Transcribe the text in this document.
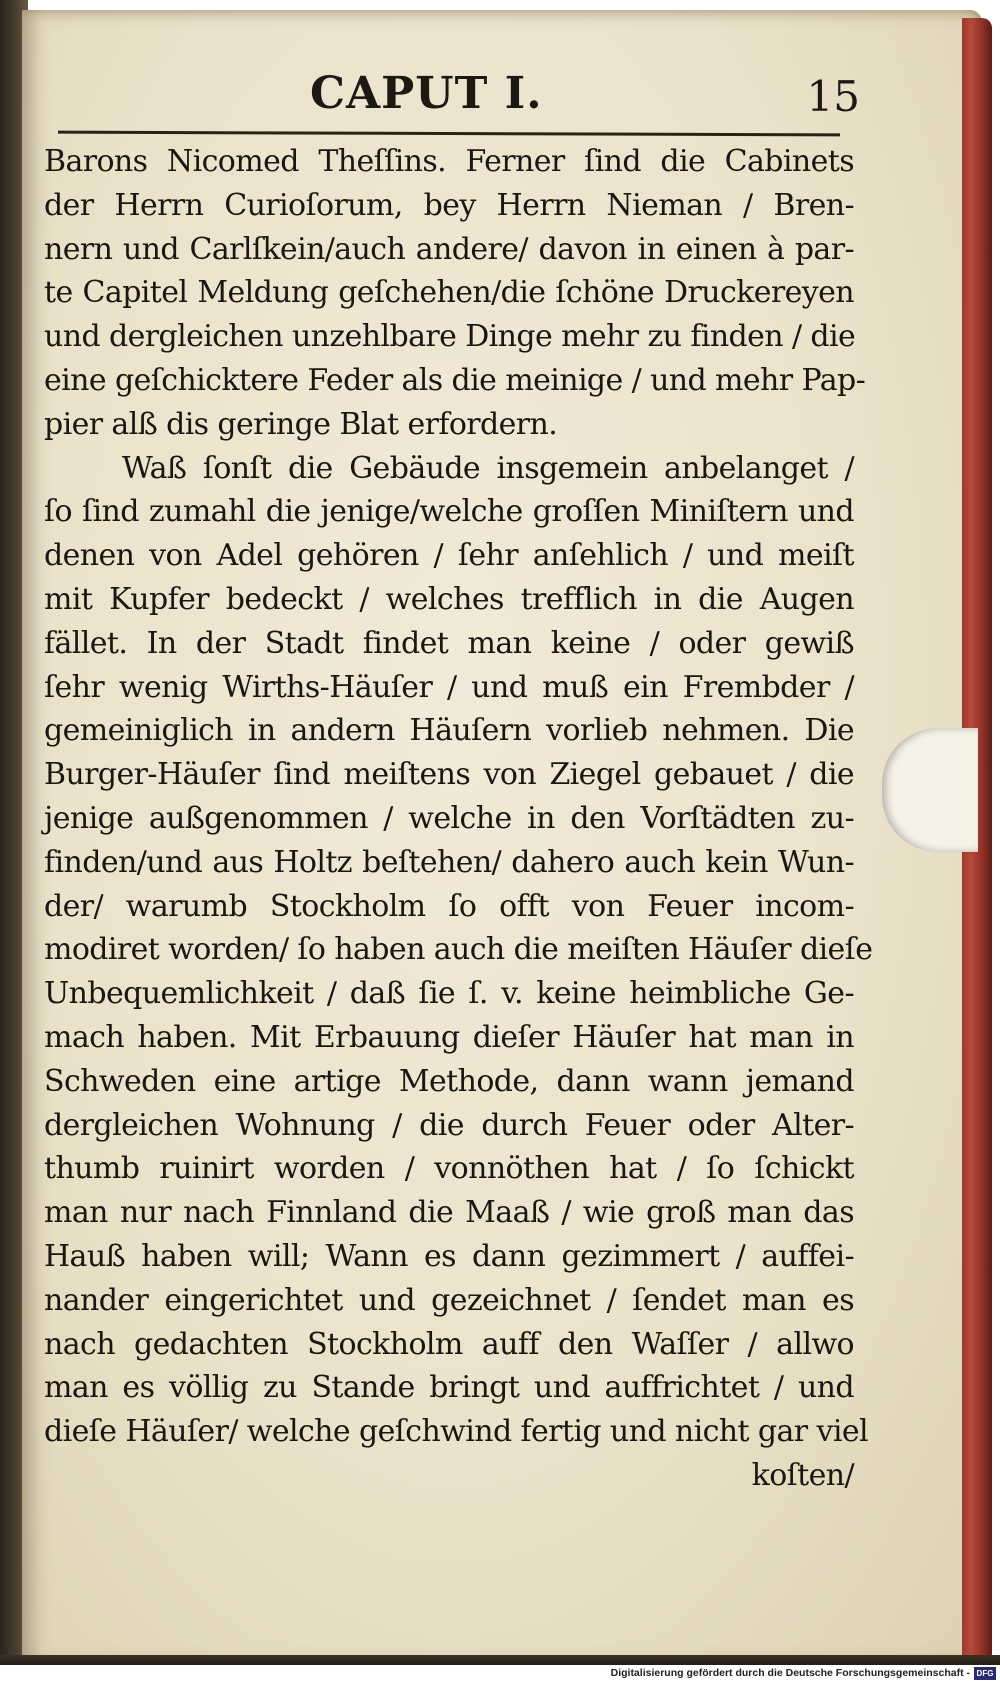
CAPUT I.	15
Barons Nicomed Theſſins. Ferner ſind die Cabinets
der Herrn Curioſorum, bey Herrn Nieman / Bren-
nern und Carlſkein/auch andere/ davon in einen à par-
te Capitel Meldung geſchehen/die ſchöne Druckereyen
und dergleichen unzehlbare Dinge mehr zu finden / die
eine geſchicktere Feder als die meinige / und mehr Pap-
pier alß dis geringe Blat erfordern.
Waß ſonſt die Gebäude insgemein anbelanget /
ſo ſind zumahl die jenige/welche groſſen Miniſtern und
denen von Adel gehören / ſehr anſehlich / und meiſt
mit Kupfer bedeckt / welches trefflich in die Augen
fället. In der Stadt findet man keine / oder gewiß
ſehr wenig Wirths-Häuſer / und muß ein Frembder /
gemeiniglich in andern Häuſern vorlieb nehmen. Die
Burger-Häuſer ſind meiſtens von Ziegel gebauet / die
jenige außgenommen / welche in den Vorſtädten zu-
finden/und aus Holtz beſtehen/ dahero auch kein Wun-
der/ warumb Stockholm ſo offt von Feuer incom-
modiret worden/ ſo haben auch die meiſten Häuſer dieſe
Unbequemlichkeit / daß ſie ſ. v. keine heimbliche Ge-
mach haben. Mit Erbauung dieſer Häuſer hat man in
Schweden eine artige Methode, dann wann jemand
dergleichen Wohnung / die durch Feuer oder Alter-
thumb ruinirt worden / vonnöthen hat / ſo ſchickt
man nur nach Finnland die Maaß / wie groß man das
Hauß haben will; Wann es dann gezimmert / auffei-
nander eingerichtet und gezeichnet / ſendet man es
nach gedachten Stockholm auff den Waſſer / allwo
man es völlig zu Stande bringt und auffrichtet / und
dieſe Häuſer/ welche geſchwind fertig und nicht gar viel
koſten/
Digitalisierung gefördert durch die Deutsche Forschungsgemeinschaft - DFG
